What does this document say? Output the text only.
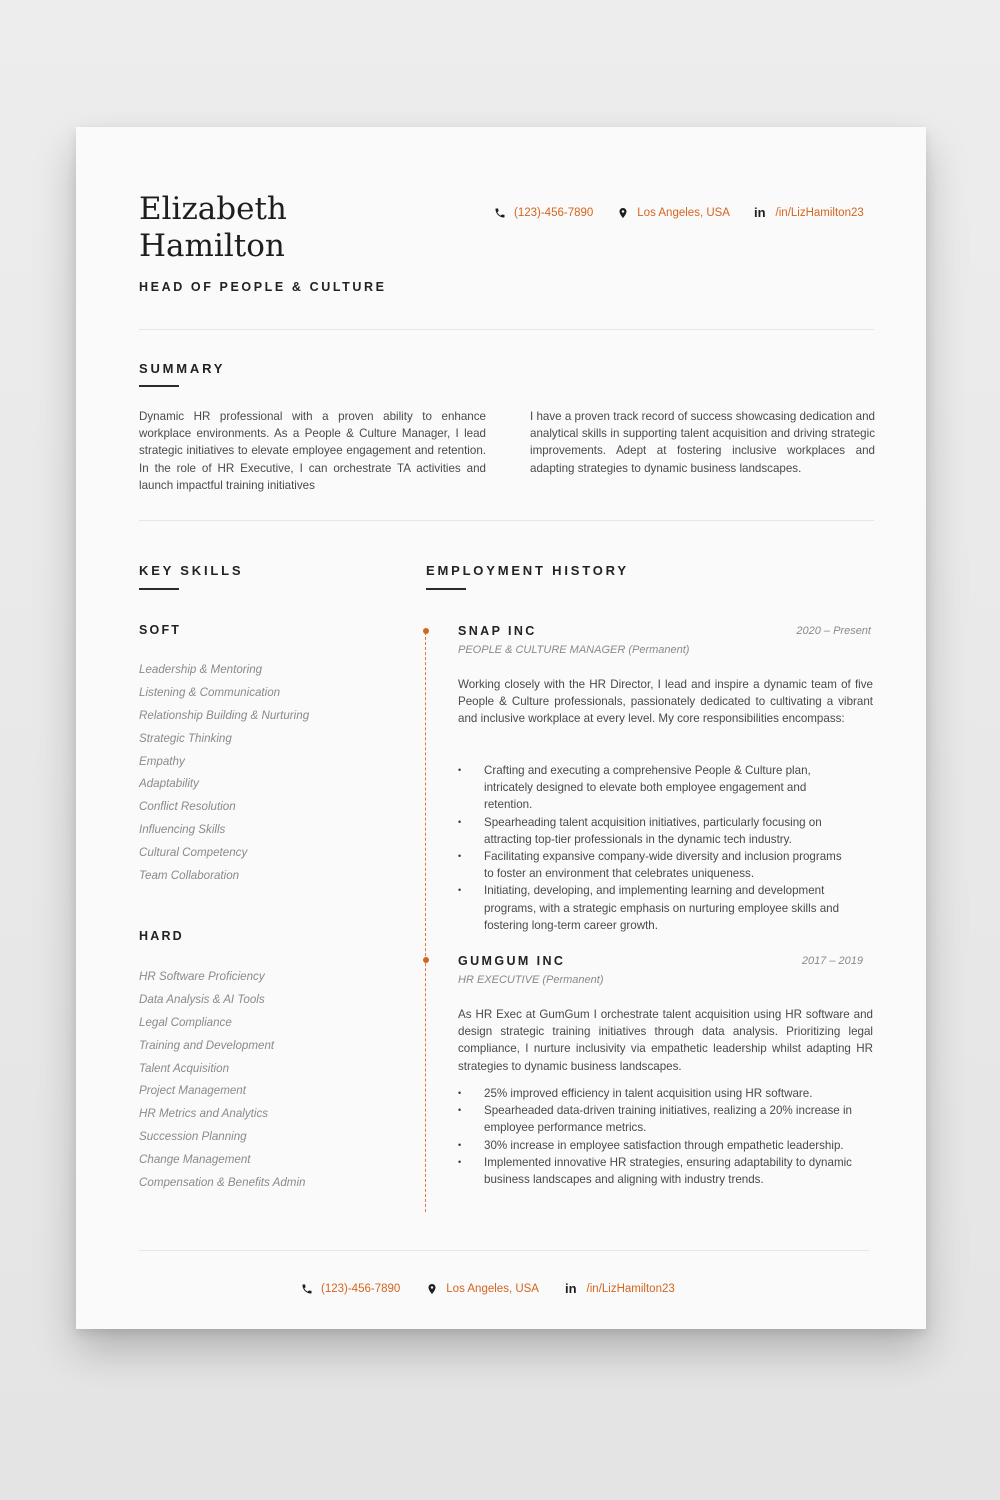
Elizabeth
Hamilton
HEAD OF PEOPLE & CULTURE
(123)-456-7890	Los Angeles, USA in /in/LizHamilton23
SUMMARY

Dynamic HR professional with a proven ability to enhance workplace environments. As a People & Culture Manager, I lead strategic initiatives to elevate employee engagement and retention. In the role of HR Executive, I can orchestrate TA activities and launch impactful training initiatives

I have a proven track record of success showcasing dedication and analytical skills in supporting talent acquisition and driving strategic improvements. Adept at fostering inclusive workplaces and adapting strategies to dynamic business landscapes.

KEY SKILLS
SOFT
Leadership & Mentoring
Listening & Communication
Relationship Building & Nurturing
Strategic Thinking
Empathy
Adaptability
Conflict Resolution
Influencing Skills
Cultural Competency
Team Collaboration
HARD
HR Software Proficiency
Data Analysis & AI Tools
Legal Compliance
Training and Development
Talent Acquisition
Project Management
HR Metrics and Analytics
Succession Planning
Change Management
Compensation & Benefits Admin
EMPLOYMENT HISTORY
SNAP INC	2020 – Present
PEOPLE & CULTURE MANAGER (Permanent)

Working closely with the HR Director, I lead and inspire a dynamic team of five People & Culture professionals, passionately dedicated to cultivating a vibrant and inclusive workplace at every level. My core responsibilities encompass:

• Crafting and executing a comprehensive People & Culture plan, intricately designed to elevate both employee engagement and retention.
• Spearheading talent acquisition initiatives, particularly focusing on attracting top-tier professionals in the dynamic tech industry.
• Facilitating expansive company-wide diversity and inclusion programs to foster an environment that celebrates uniqueness.
• Initiating, developing, and implementing learning and development programs, with a strategic emphasis on nurturing employee skills and fostering long-term career growth.
GUMGUM INC	2017 – 2019
HR EXECUTIVE (Permanent)

As HR Exec at GumGum I orchestrate talent acquisition using HR software and design strategic training initiatives through data analysis. Prioritizing legal compliance, I nurture inclusivity via empathetic leadership whilst adapting HR strategies to dynamic business landscapes.

• 25% improved efficiency in talent acquisition using HR software.
• Spearheaded data-driven training initiatives, realizing a 20% increase in employee performance metrics.
• 30% increase in employee satisfaction through empathetic leadership.
• Implemented innovative HR strategies, ensuring adaptability to dynamic business landscapes and aligning with industry trends.
(123)-456-7890	Los Angeles, USA in /in/LizHamilton23
